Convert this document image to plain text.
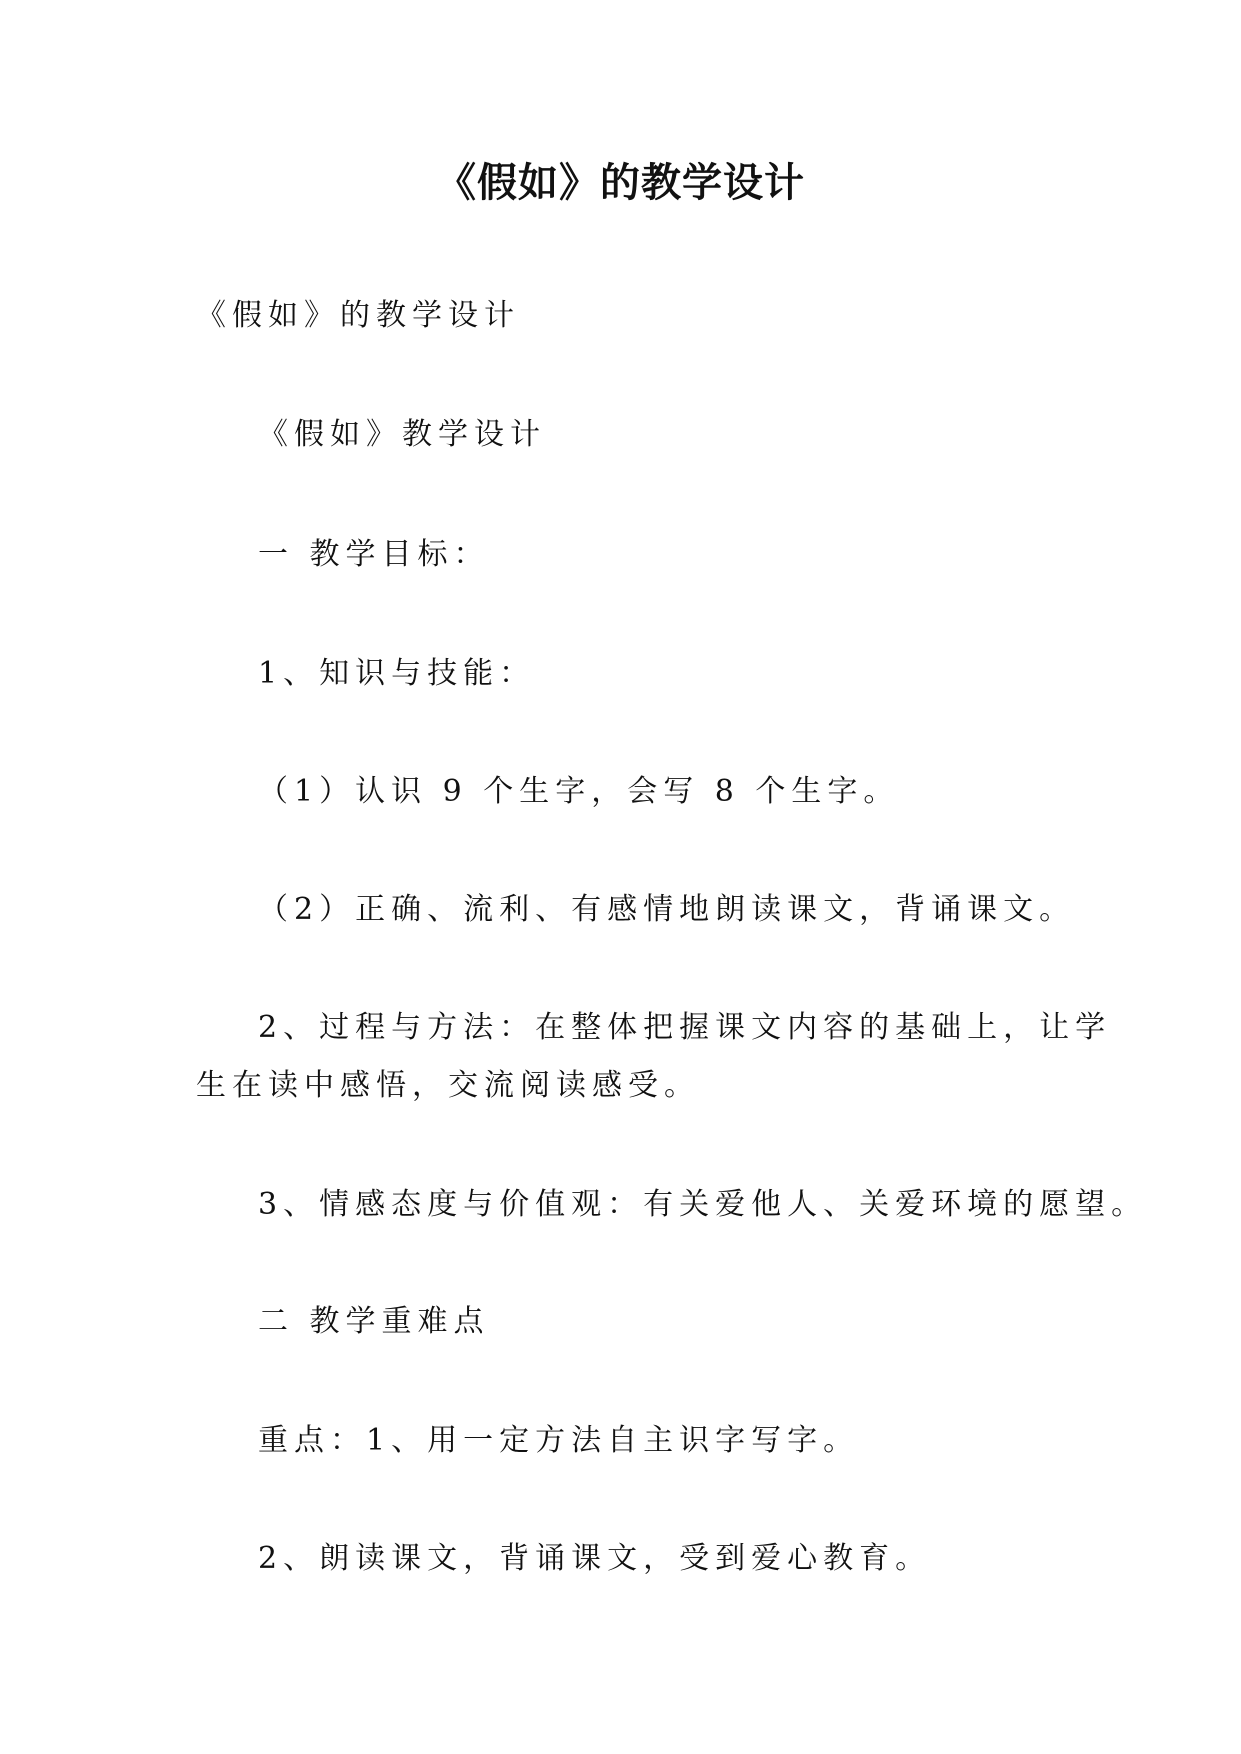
《假如》的教学设计
《假如》的教学设计
《假如》教学设计
一 教学目标：
1、知识与技能：
（1）认识 9 个生字，会写 8 个生字。
（2）正确、流利、有感情地朗读课文，背诵课文。
2、过程与方法：在整体把握课文内容的基础上，让学
生在读中感悟，交流阅读感受。
3、情感态度与价值观：有关爱他人、关爱环境的愿望。
二 教学重难点
重点：1、用一定方法自主识字写字。
2、朗读课文，背诵课文，受到爱心教育。
